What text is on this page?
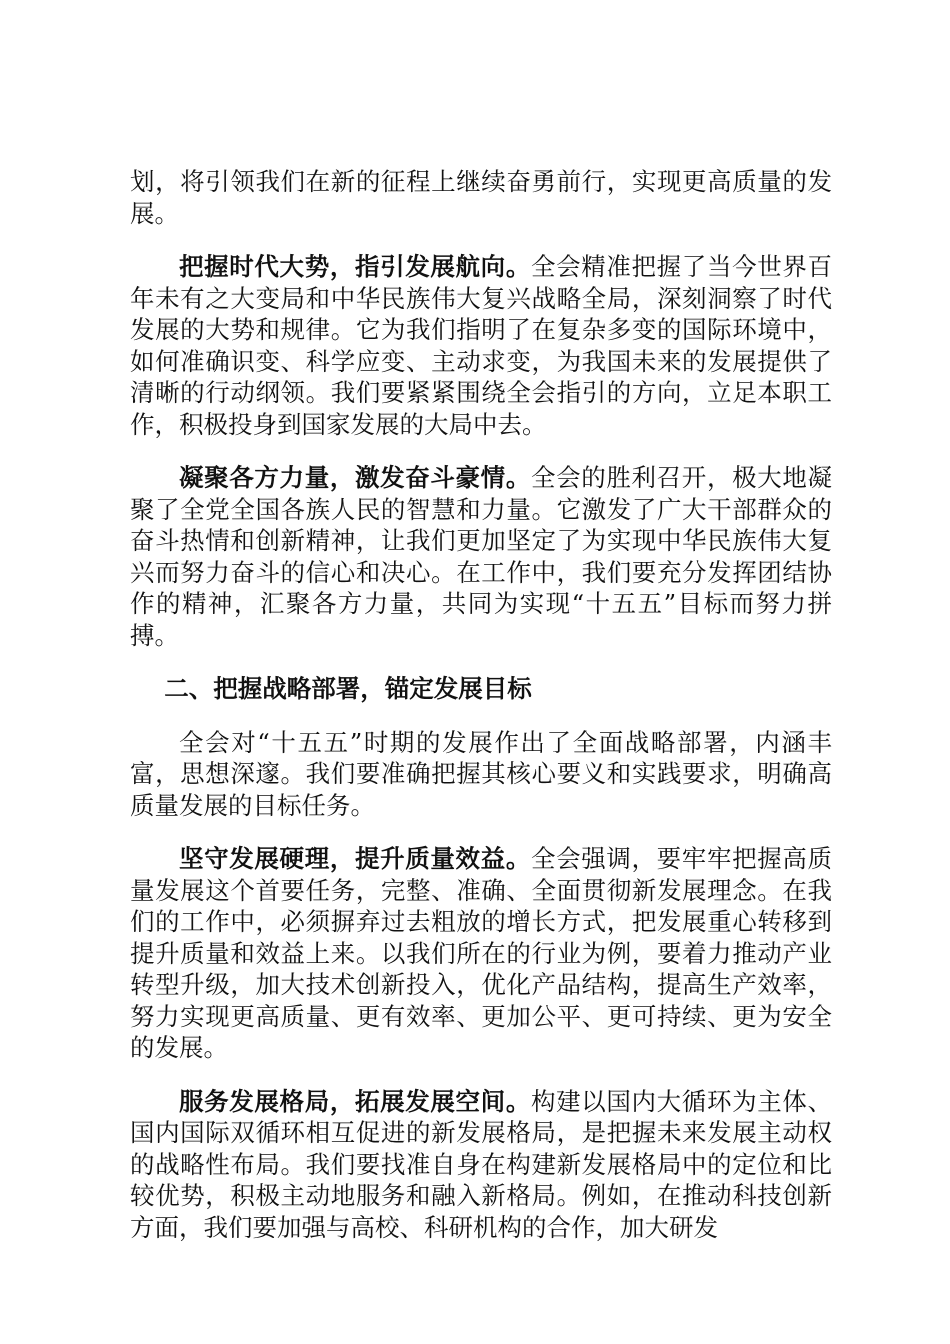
划，将引领我们在新的征程上继续奋勇前行，实现更高质量的发展。

把握时代大势，指引发展航向。全会精准把握了当今世界百年未有之大变局和中华民族伟大复兴战略全局，深刻洞察了时代发展的大势和规律。它为我们指明了在复杂多变的国际环境中，如何准确识变、科学应变、主动求变，为我国未来的发展提供了清晰的行动纲领。我们要紧紧围绕全会指引的方向，立足本职工作，积极投身到国家发展的大局中去。

凝聚各方力量，激发奋斗豪情。全会的胜利召开，极大地凝聚了全党全国各族人民的智慧和力量。它激发了广大干部群众的奋斗热情和创新精神，让我们更加坚定了为实现中华民族伟大复兴而努力奋斗的信心和决心。在工作中，我们要充分发挥团结协作的精神，汇聚各方力量，共同为实现“十五五”目标而努力拼搏。

二、把握战略部署，锚定发展目标

全会对“十五五”时期的发展作出了全面战略部署，内涵丰富，思想深邃。我们要准确把握其核心要义和实践要求，明确高质量发展的目标任务。

坚守发展硬理，提升质量效益。全会强调，要牢牢把握高质量发展这个首要任务，完整、准确、全面贯彻新发展理念。在我们的工作中，必须摒弃过去粗放的增长方式，把发展重心转移到提升质量和效益上来。以我们所在的行业为例，要着力推动产业转型升级，加大技术创新投入，优化产品结构，提高生产效率，努力实现更高质量、更有效率、更加公平、更可持续、更为安全的发展。

服务发展格局，拓展发展空间。构建以国内大循环为主体、国内国际双循环相互促进的新发展格局，是把握未来发展主动权的战略性布局。我们要找准自身在构建新发展格局中的定位和比较优势，积极主动地服务和融入新格局。例如，在推动科技创新方面，我们要加强与高校、科研机构的合作，加大研发
